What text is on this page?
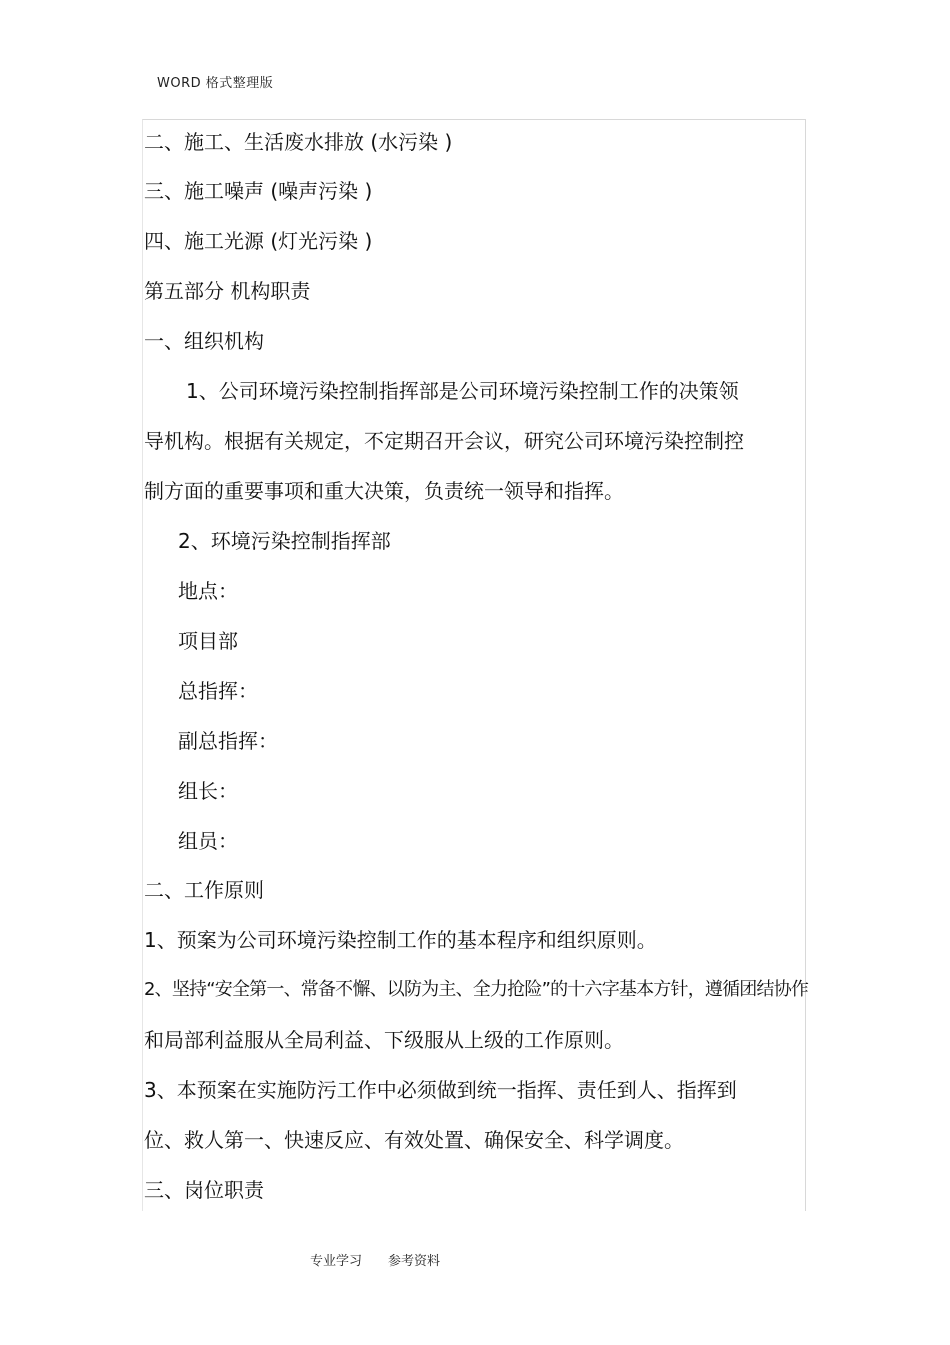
WORD 格式整理版
二、施工、生活废水排放 (水污染 )
三、施工噪声 (噪声污染 )
四、施工光源 (灯光污染 )
第五部分 机构职责
一、组织机构
1、公司环境污染控制指挥部是公司环境污染控制工作的决策领
导机构。根据有关规定，不定期召开会议，研究公司环境污染控制控
制方面的重要事项和重大决策，负责统一领导和指挥。
2、环境污染控制指挥部
地点：
项目部
总指挥：
副总指挥：
组长：
组员：
二、工作原则
1、预案为公司环境污染控制工作的基本程序和组织原则。
2、坚持“安全第一、常备不懈、以防为主、全力抢险”的十六字基本方针，遵循团结协作
和局部利益服从全局利益、下级服从上级的工作原则。
3、本预案在实施防污工作中必须做到统一指挥、责任到人、指挥到
位、救人第一、快速反应、有效处置、确保安全、科学调度。
三、岗位职责
专业学习 参考资料
